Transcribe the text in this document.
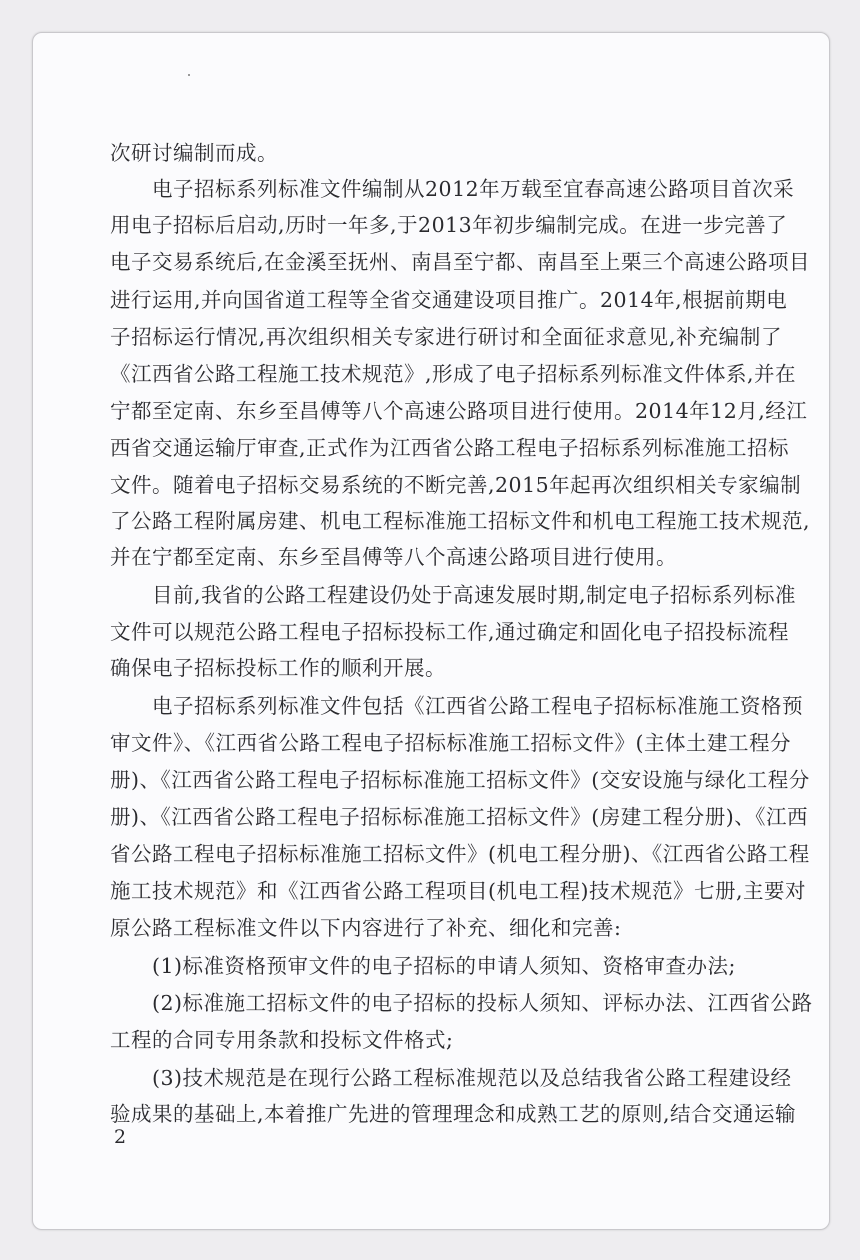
次研讨编制而成。
电子招标系列标准文件编制从2012年万载至宜春高速公路项目首次采
用电子招标后启动,历时一年多,于2013年初步编制完成。在进一步完善了
电子交易系统后,在金溪至抚州、南昌至宁都、南昌至上栗三个高速公路项目
进行运用,并向国省道工程等全省交通建设项目推广。2014年,根据前期电
子招标运行情况,再次组织相关专家进行研讨和全面征求意见,补充编制了
《江西省公路工程施工技术规范》,形成了电子招标系列标准文件体系,并在
宁都至定南、东乡至昌傅等八个高速公路项目进行使用。2014年12月,经江
西省交通运输厅审查,正式作为江西省公路工程电子招标系列标准施工招标
文件。随着电子招标交易系统的不断完善,2015年起再次组织相关专家编制
了公路工程附属房建、机电工程标准施工招标文件和机电工程施工技术规范,
并在宁都至定南、东乡至昌傅等八个高速公路项目进行使用。
目前,我省的公路工程建设仍处于高速发展时期,制定电子招标系列标准
文件可以规范公路工程电子招标投标工作,通过确定和固化电子招投标流程
确保电子招标投标工作的顺利开展。
电子招标系列标准文件包括《江西省公路工程电子招标标准施工资格预
审文件》、《江西省公路工程电子招标标准施工招标文件》(主体土建工程分
册)、《江西省公路工程电子招标标准施工招标文件》(交安设施与绿化工程分
册)、《江西省公路工程电子招标标准施工招标文件》(房建工程分册)、《江西
省公路工程电子招标标准施工招标文件》(机电工程分册)、《江西省公路工程
施工技术规范》和《江西省公路工程项目(机电工程)技术规范》七册,主要对
原公路工程标准文件以下内容进行了补充、细化和完善:
(1)标准资格预审文件的电子招标的申请人须知、资格审查办法;
(2)标准施工招标文件的电子招标的投标人须知、评标办法、江西省公路
工程的合同专用条款和投标文件格式;
(3)技术规范是在现行公路工程标准规范以及总结我省公路工程建设经
验成果的基础上,本着推广先进的管理理念和成熟工艺的原则,结合交通运输
2
